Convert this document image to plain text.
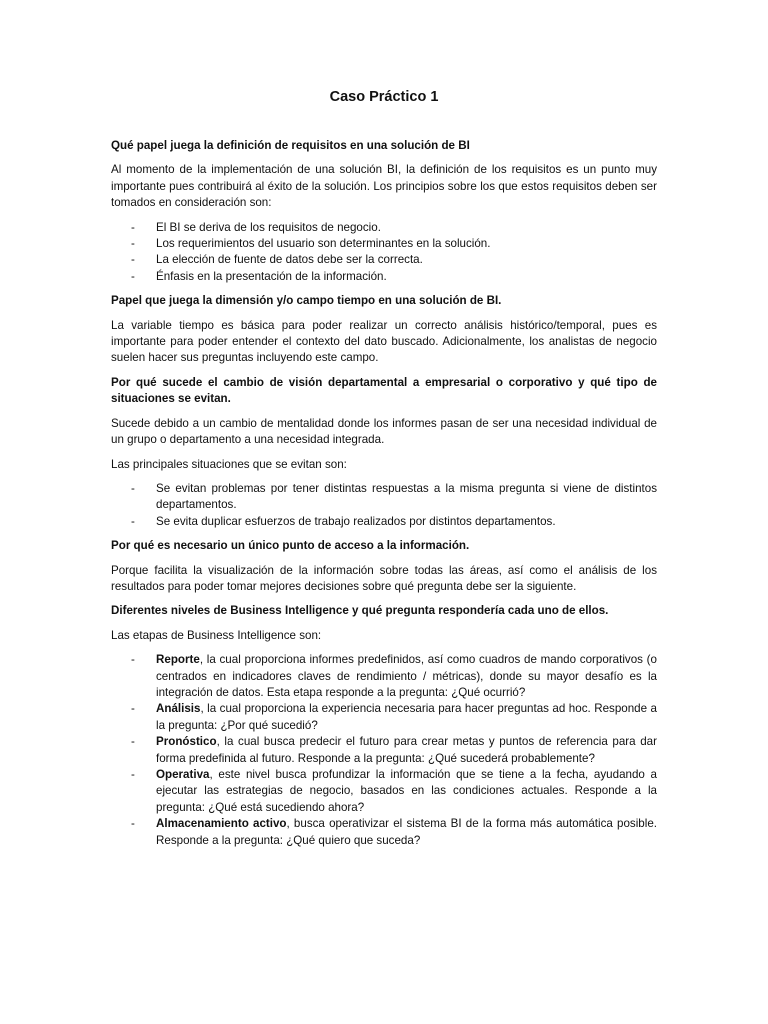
Caso Práctico 1
Qué papel juega la definición de requisitos en una solución de BI
Al momento de la implementación de una solución BI, la definición de los requisitos es un punto muy importante pues contribuirá al éxito de la solución. Los principios sobre los que estos requisitos deben ser tomados en consideración son:
- El BI se deriva de los requisitos de negocio.
- Los requerimientos del usuario son determinantes en la solución.
- La elección de fuente de datos debe ser la correcta.
- Énfasis en la presentación de la información.
Papel que juega la dimensión y/o campo tiempo en una solución de BI.
La variable tiempo es básica para poder realizar un correcto análisis histórico/temporal, pues es importante para poder entender el contexto del dato buscado. Adicionalmente, los analistas de negocio suelen hacer sus preguntas incluyendo este campo.
Por qué sucede el cambio de visión departamental a empresarial o corporativo y qué tipo de situaciones se evitan.
Sucede debido a un cambio de mentalidad donde los informes pasan de ser una necesidad individual de un grupo o departamento a una necesidad integrada.
Las principales situaciones que se evitan son:
- Se evitan problemas por tener distintas respuestas a la misma pregunta si viene de distintos departamentos.
- Se evita duplicar esfuerzos de trabajo realizados por distintos departamentos.
Por qué es necesario un único punto de acceso a la información.
Porque facilita la visualización de la información sobre todas las áreas, así como el análisis de los resultados para poder tomar mejores decisiones sobre qué pregunta debe ser la siguiente.
Diferentes niveles de Business Intelligence y qué pregunta respondería cada uno de ellos.
Las etapas de Business Intelligence son:
- Reporte, la cual proporciona informes predefinidos, así como cuadros de mando corporativos (o centrados en indicadores claves de rendimiento / métricas), donde su mayor desafío es la integración de datos. Esta etapa responde a la pregunta: ¿Qué ocurrió?
- Análisis, la cual proporciona la experiencia necesaria para hacer preguntas ad hoc. Responde a la pregunta: ¿Por qué sucedió?
- Pronóstico, la cual busca predecir el futuro para crear metas y puntos de referencia para dar forma predefinida al futuro. Responde a la pregunta: ¿Qué sucederá probablemente?
- Operativa, este nivel busca profundizar la información que se tiene a la fecha, ayudando a ejecutar las estrategias de negocio, basados en las condiciones actuales. Responde a la pregunta: ¿Qué está sucediendo ahora?
- Almacenamiento activo, busca operativizar el sistema BI de la forma más automática posible. Responde a la pregunta: ¿Qué quiero que suceda?
